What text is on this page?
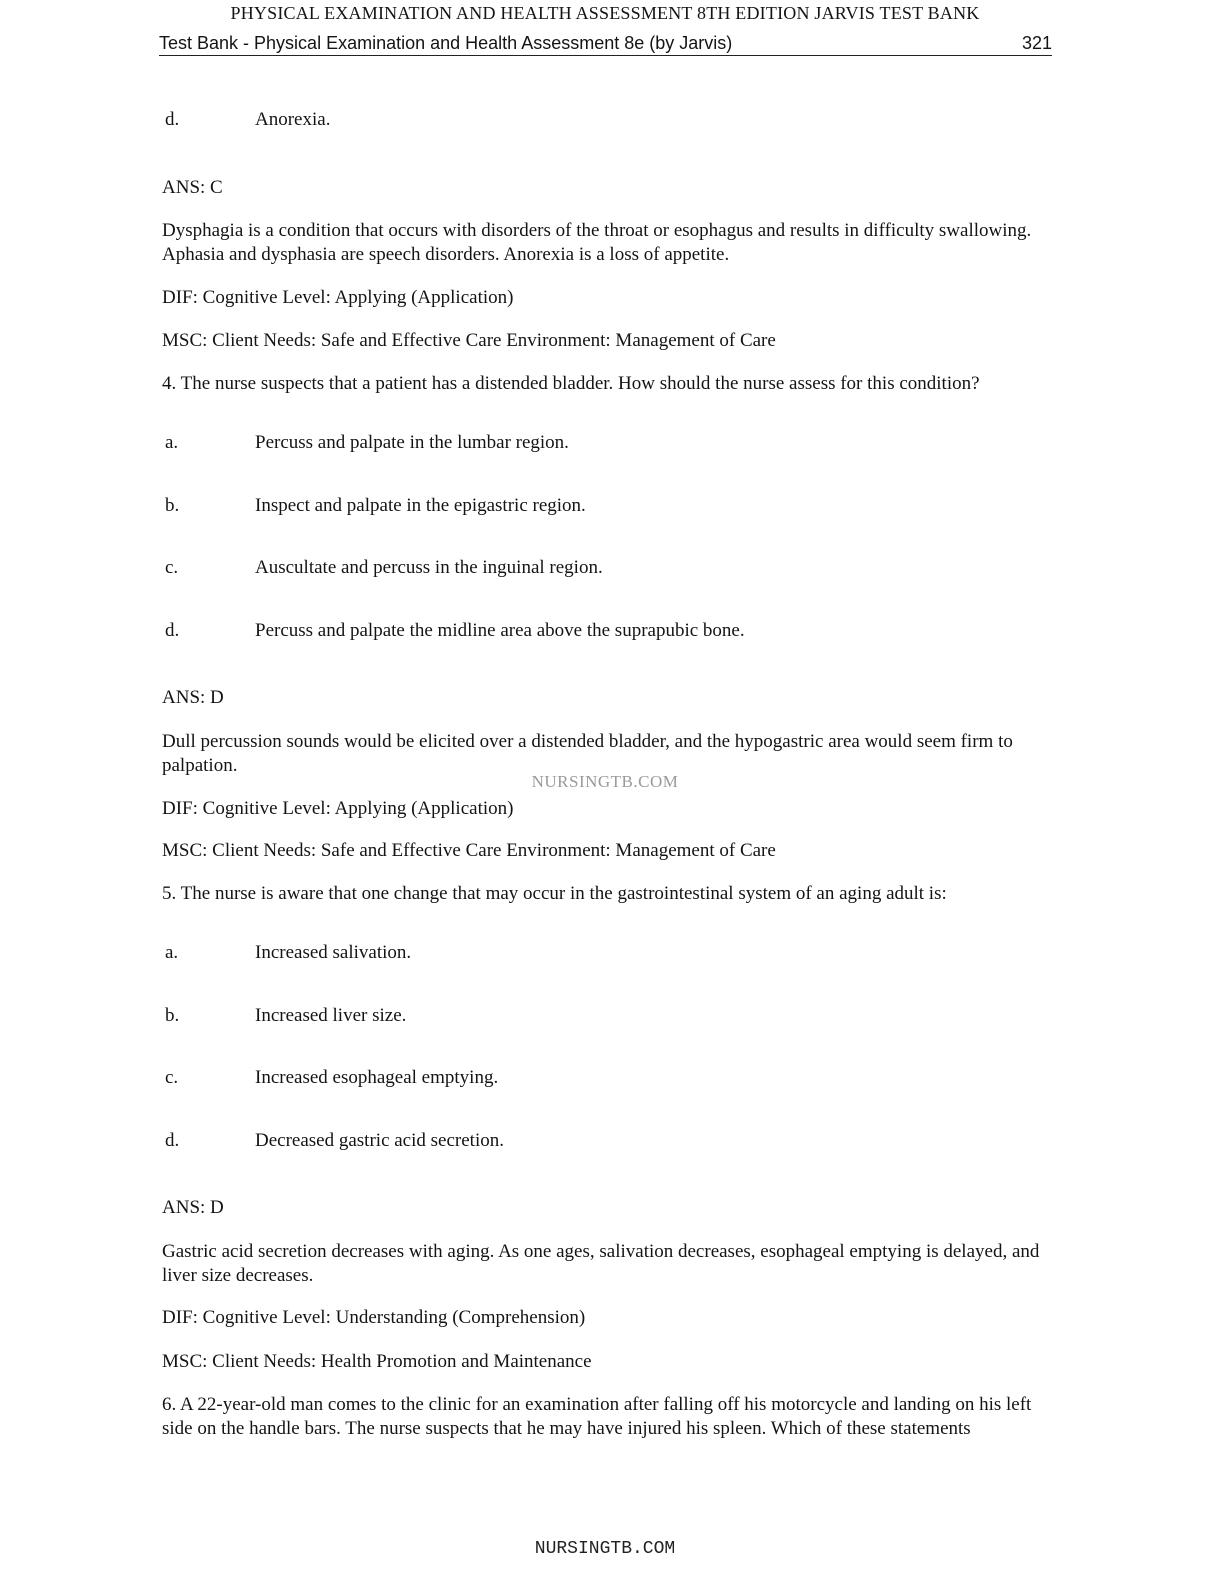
PHYSICAL EXAMINATION AND HEALTH ASSESSMENT 8TH EDITION JARVIS TEST BANK
Test Bank - Physical Examination and Health Assessment 8e (by Jarvis)	321
d.	Anorexia.
ANS: C
Dysphagia is a condition that occurs with disorders of the throat or esophagus and results in difficulty swallowing. Aphasia and dysphasia are speech disorders. Anorexia is a loss of appetite.
DIF: Cognitive Level: Applying (Application)
MSC: Client Needs: Safe and Effective Care Environment: Management of Care
4. The nurse suspects that a patient has a distended bladder. How should the nurse assess for this condition?
a.	Percuss and palpate in the lumbar region.
b.	Inspect and palpate in the epigastric region.
c.	Auscultate and percuss in the inguinal region.
d.	Percuss and palpate the midline area above the suprapubic bone.
ANS: D
Dull percussion sounds would be elicited over a distended bladder, and the hypogastric area would seem firm to palpation.
NURSINGTB.COM
DIF: Cognitive Level: Applying (Application)
MSC: Client Needs: Safe and Effective Care Environment: Management of Care
5. The nurse is aware that one change that may occur in the gastrointestinal system of an aging adult is:
a.	Increased salivation.
b.	Increased liver size.
c.	Increased esophageal emptying.
d.	Decreased gastric acid secretion.
ANS: D
Gastric acid secretion decreases with aging. As one ages, salivation decreases, esophageal emptying is delayed, and liver size decreases.
DIF: Cognitive Level: Understanding (Comprehension)
MSC: Client Needs: Health Promotion and Maintenance
6. A 22-year-old man comes to the clinic for an examination after falling off his motorcycle and landing on his left side on the handle bars. The nurse suspects that he may have injured his spleen. Which of these statements
NURSINGTB.COM
